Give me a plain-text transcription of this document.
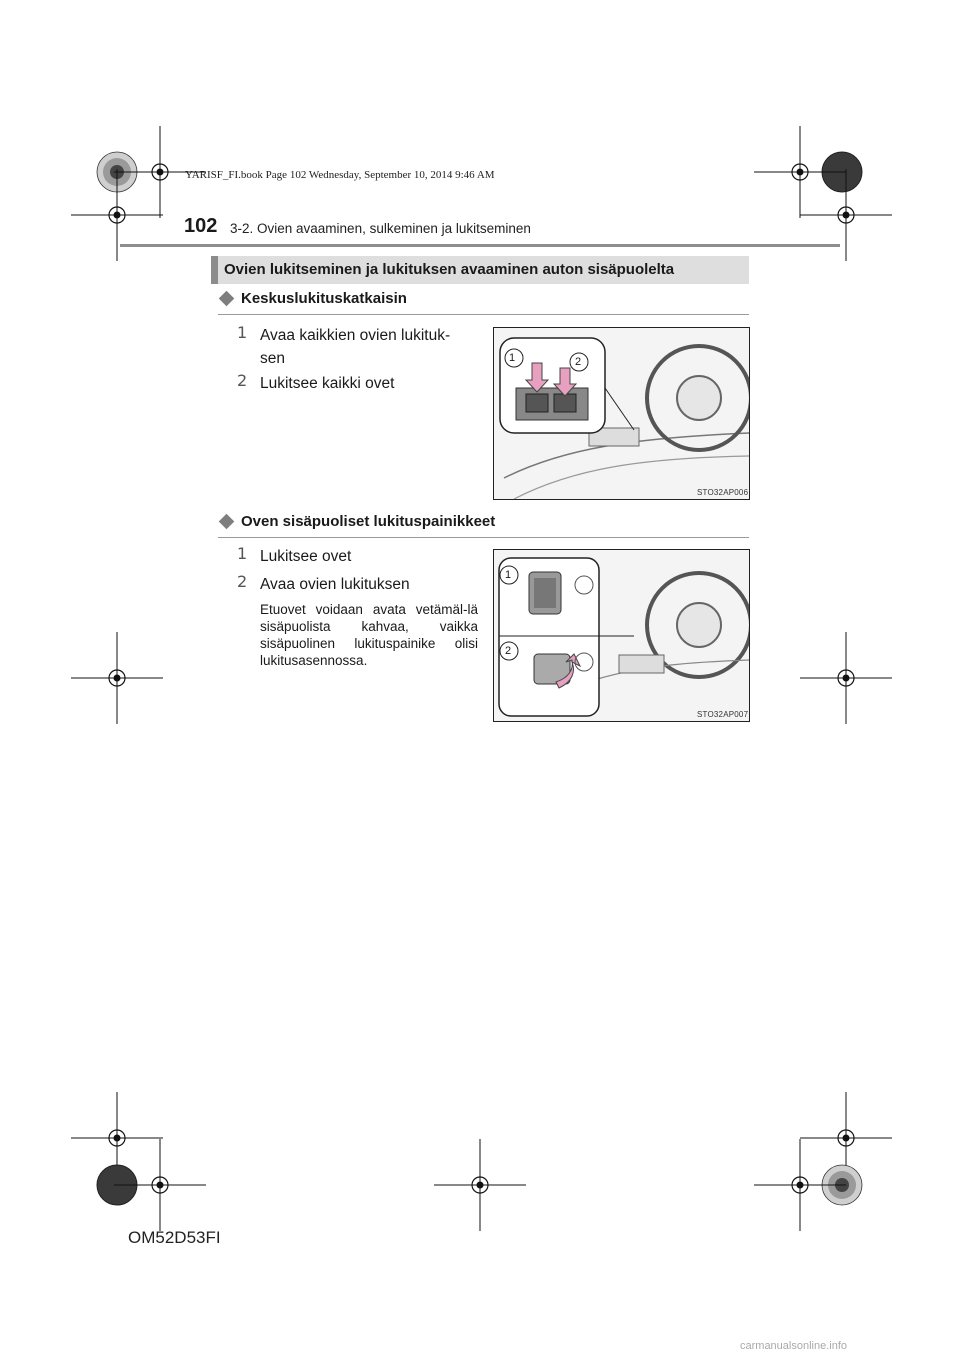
YARISF_FI.book Page 102 Wednesday, September 10, 2014 9:46 AM
102 3-2. Ovien avaaminen, sulkeminen ja lukitseminen
Ovien lukitseminen ja lukituksen avaaminen auton sisäpuolelta
Keskuslukituskatkaisin
1 Avaa kaikkien ovien lukituk-
sen
2 Lukitsee kaikki ovet
1	2
STO32AP006
Oven sisäpuoliset lukituspainikkeet
1 Lukitsee ovet
2 Avaa ovien lukituksen
Etuovet voidaan avata vetämäl-lä sisäpuolista kahvaa, vaikka sisäpuolinen lukituspainike olisi lukitusasennossa.
1
2
STO32AP007
OM52D53FI
carmanualsonline.info
